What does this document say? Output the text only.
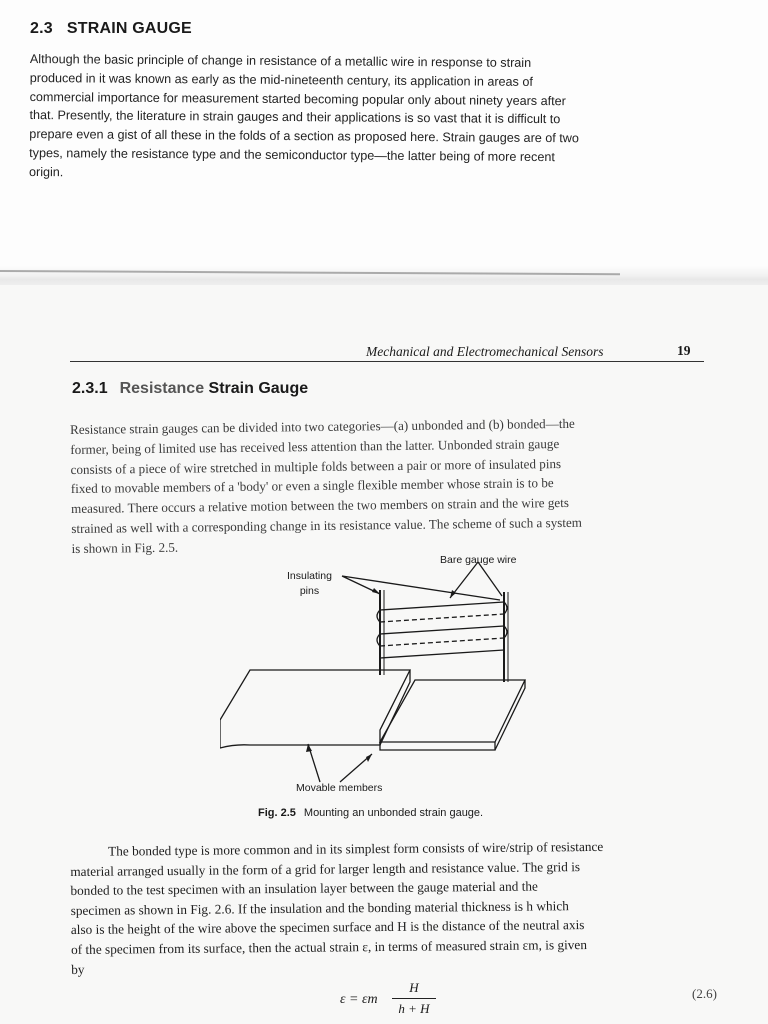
2.3 STRAIN GAUGE
Although the basic principle of change in resistance of a metallic wire in response to strain
produced in it was known as early as the mid-nineteenth century, its application in areas of
commercial importance for measurement started becoming popular only about ninety years after
that. Presently, the literature in strain gauges and their applications is so vast that it is difficult to
prepare even a gist of all these in the folds of a section as proposed here. Strain gauges are of two
types, namely the resistance type and the semiconductor type—the latter being of more recent
origin.
Mechanical and Electromechanical Sensors	19
2.3.1 Resistance Strain Gauge
Resistance strain gauges can be divided into two categories—(a) unbonded and (b) bonded—the
former, being of limited use has received less attention than the latter. Unbonded strain gauge
consists of a piece of wire stretched in multiple folds between a pair or more of insulated pins
fixed to movable members of a 'body' or even a single flexible member whose strain is to be
measured. There occurs a relative motion between the two members on strain and the wire gets
strained as well with a corresponding change in its resistance value. The scheme of such a system
is shown in Fig. 2.5.
Insulating
pins
Bare gauge wire
Movable members
Fig. 2.5 Mounting an unbonded strain gauge.
The bonded type is more common and in its simplest form consists of wire/strip of resistance
material arranged usually in the form of a grid for larger length and resistance value. The grid is
bonded to the test specimen with an insulation layer between the gauge material and the
specimen as shown in Fig. 2.6. If the insulation and the bonding material thickness is h which
also is the height of the wire above the specimen surface and H is the distance of the neutral axis
of the specimen from its surface, then the actual strain ε, in terms of measured strain εm, is given
by
ε = εm
H
h + H
(2.6)
